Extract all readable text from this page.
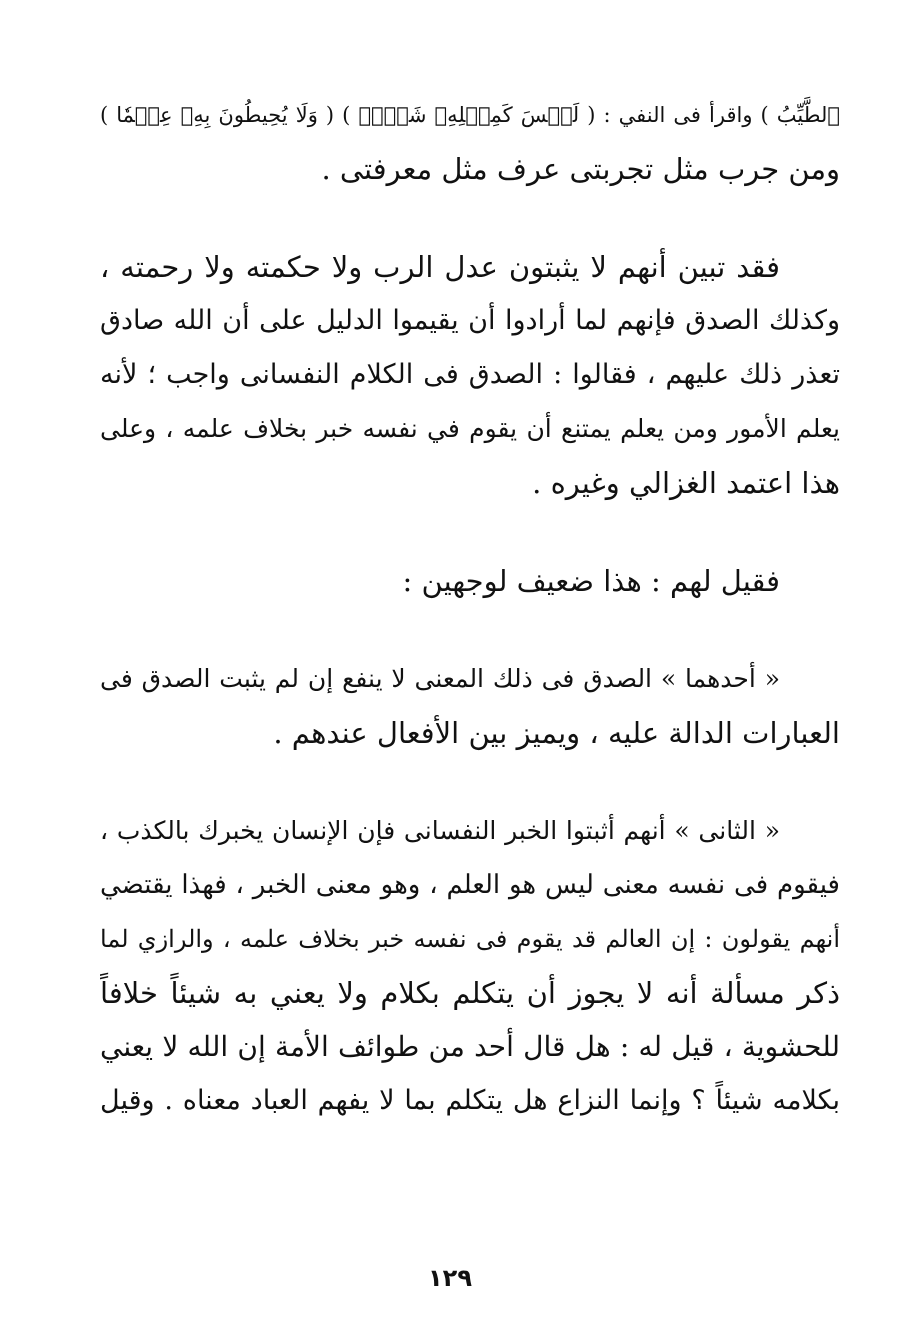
ٱلطَّيِّبُ ) واقرأ فى النفي : ( لَيۡسَ كَمِثۡلِهِۦ شَيۡءٞ ) ( وَلَا يُحِيطُونَ بِهِۦ عِلۡمٗا )
ومن جرب مثل تجربتى عرف مثل معرفتى .
فقد تبين أنهم لا يثبتون عدل الرب ولا حكمته ولا رحمته ،
وكذلك الصدق فإنهم لما أرادوا أن يقيموا الدليل على أن الله صادق
تعذر ذلك عليهم ، فقالوا : الصدق فى الكلام النفسانى واجب ؛ لأنه
يعلم الأمور ومن يعلم يمتنع أن يقوم في نفسه خبر بخلاف علمه ، وعلى
هذا اعتمد الغزالي وغيره .
فقيل لهم : هذا ضعيف لوجهين :
« أحدهما » الصدق فى ذلك المعنى لا ينفع إن لم يثبت الصدق فى
العبارات الدالة عليه ، ويميز بين الأفعال عندهم .
« الثانى » أنهم أثبتوا الخبر النفسانى فإن الإنسان يخبرك بالكذب ،
فيقوم فى نفسه معنى ليس هو العلم ، وهو معنى الخبر ، فهذا يقتضي
أنهم يقولون : إن العالم قد يقوم فى نفسه خبر بخلاف علمه ، والرازي لما
ذكر مسألة أنه لا يجوز أن يتكلم بكلام ولا يعني به شيئاً خلافاً
للحشوية ، قيل له : هل قال أحد من طوائف الأمة إن الله لا يعني
بكلامه شيئاً ؟ وإنما النزاع هل يتكلم بما لا يفهم العباد معناه . وقيل
١٢٩
